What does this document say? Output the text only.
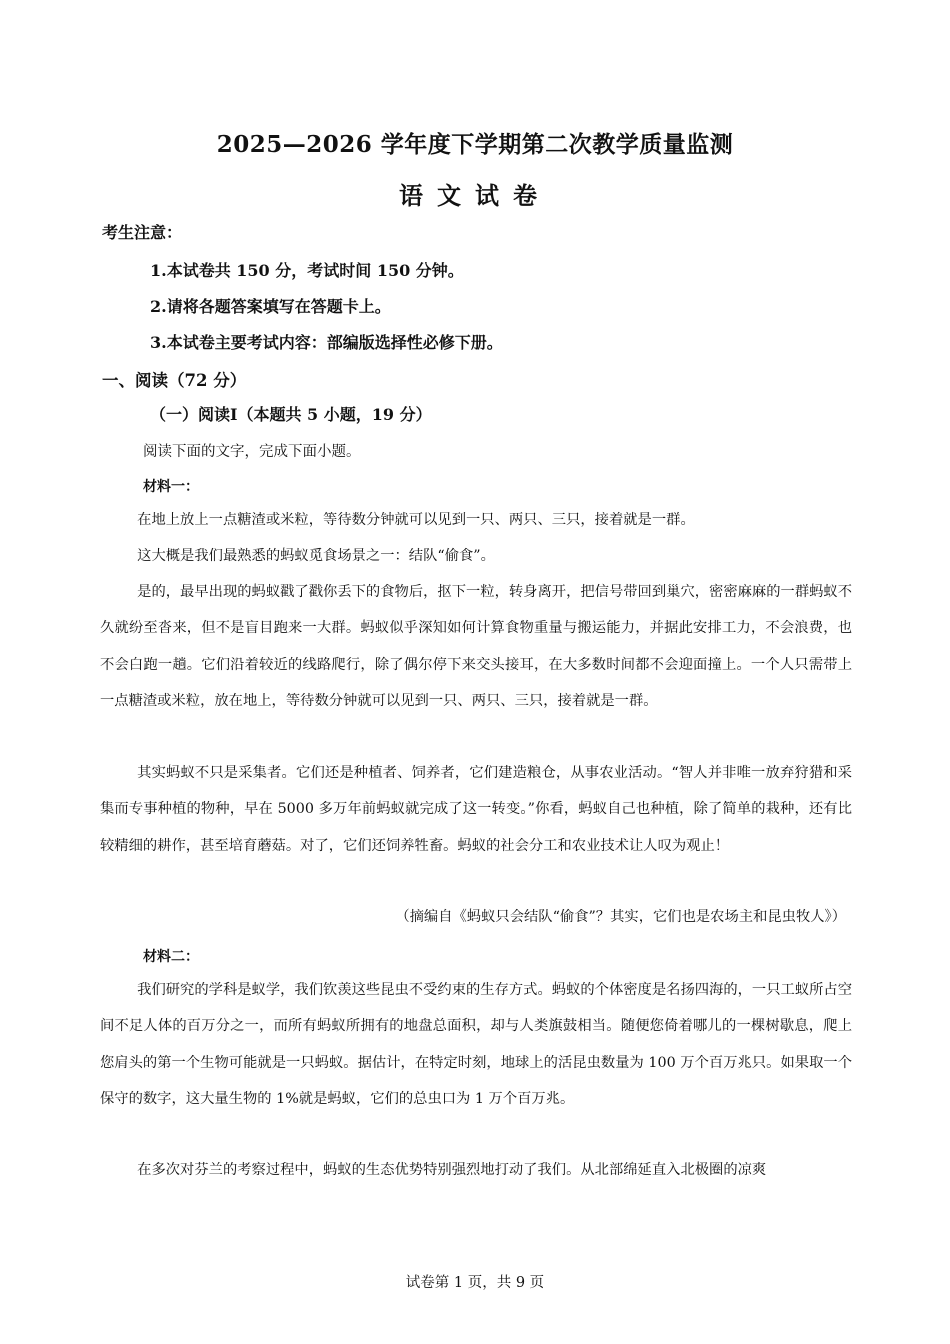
2025—2026 学年度下学期第二次教学质量监测
语文试卷
考生注意：
1.本试卷共 150 分，考试时间 150 分钟。
2.请将各题答案填写在答题卡上。
3.本试卷主要考试内容：部编版选择性必修下册。
一、阅读（72 分）
（一）阅读I（本题共 5 小题，19 分）
阅读下面的文字，完成下面小题。
材料一：
在地上放上一点糖渣或米粒，等待数分钟就可以见到一只、两只、三只，接着就是一群。
这大概是我们最熟悉的蚂蚁觅食场景之一：结队“偷食”。
是的，最早出现的蚂蚁戳了戳你丢下的食物后，抠下一粒，转身离开，把信号带回到巢穴，密密麻麻的一群蚂蚁不久就纷至沓来，但不是盲目跑来一大群。蚂蚁似乎深知如何计算食物重量与搬运能力，并据此安排工力，不会浪费，也不会白跑一趟。它们沿着较近的线路爬行，除了偶尔停下来交头接耳，在大多数时间都不会迎面撞上。一个人只需带上一点糖渣或米粒，放在地上，等待数分钟就可以见到一只、两只、三只，接着就是一群。
其实蚂蚁不只是采集者。它们还是种植者、饲养者，它们建造粮仓，从事农业活动。“智人并非唯一放弃狩猎和采集而专事种植的物种，早在 5000 多万年前蚂蚁就完成了这一转变。”你看，蚂蚁自己也种植，除了简单的栽种，还有比较精细的耕作，甚至培育蘑菇。对了，它们还饲养牲畜。蚂蚁的社会分工和农业技术让人叹为观止！
（摘编自《蚂蚁只会结队“偷食”？其实，它们也是农场主和昆虫牧人》）
材料二：
我们研究的学科是蚁学，我们钦羡这些昆虫不受约束的生存方式。蚂蚁的个体密度是名扬四海的，一只工蚁所占空间不足人体的百万分之一，而所有蚂蚁所拥有的地盘总面积，却与人类旗鼓相当。随便您倚着哪儿的一棵树歇息，爬上您肩头的第一个生物可能就是一只蚂蚁。据估计，在特定时刻，地球上的活昆虫数量为 100 万个百万兆只。如果取一个保守的数字，这大量生物的 1%就是蚂蚁，它们的总虫口为 1 万个百万兆。
在多次对芬兰的考察过程中，蚂蚁的生态优势特别强烈地打动了我们。从北部绵延直入北极圈的凉爽
试卷第 1 页，共 9 页
